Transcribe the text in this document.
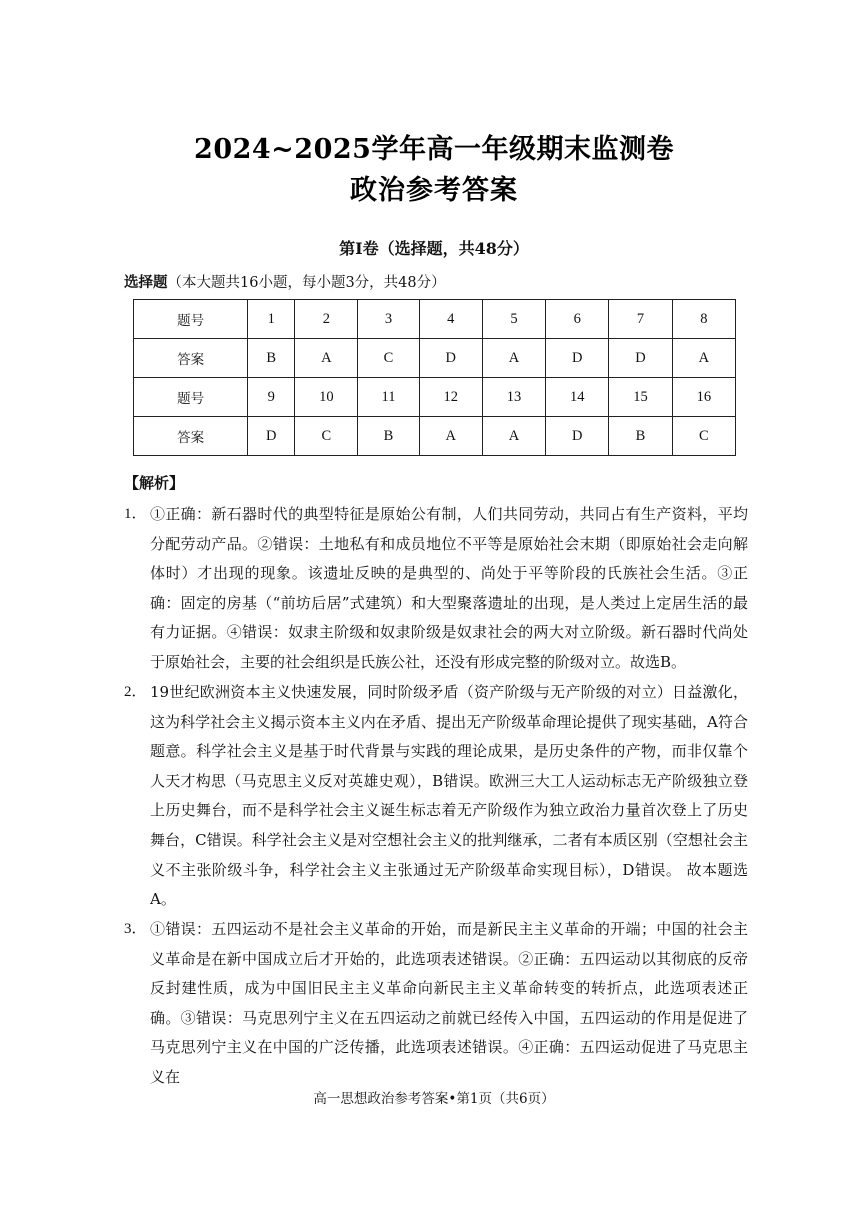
2024~2025学年高一年级期末监测卷
政治参考答案
第Ⅰ卷（选择题，共48分）
选择题（本大题共16小题，每小题3分，共48分）
题号	1	2	3	4	5	6	7	8
答案	B	A	C	D	A	D	D	A
题号	9	10	11	12	13	14	15	16
答案	D	C	B	A	A	D	B	C
【解析】
1． ①正确：新石器时代的典型特征是原始公有制，人们共同劳动，共同占有生产资料，平均分配劳动产品。②错误：土地私有和成员地位不平等是原始社会末期（即原始社会走向解体时）才出现的现象。该遗址反映的是典型的、尚处于平等阶段的氏族社会生活。③正确：固定的房基（“前坊后居”式建筑）和大型聚落遗址的出现，是人类过上定居生活的最有力证据。④错误：奴隶主阶级和奴隶阶级是奴隶社会的两大对立阶级。新石器时代尚处于原始社会，主要的社会组织是氏族公社，还没有形成完整的阶级对立。故选B。
2． 19世纪欧洲资本主义快速发展，同时阶级矛盾（资产阶级与无产阶级的对立）日益激化，这为科学社会主义揭示资本主义内在矛盾、提出无产阶级革命理论提供了现实基础，A符合题意。科学社会主义是基于时代背景与实践的理论成果，是历史条件的产物，而非仅靠个人天才构思（马克思主义反对英雄史观），B错误。欧洲三大工人运动标志无产阶级独立登上历史舞台，而不是科学社会主义诞生标志着无产阶级作为独立政治力量首次登上了历史舞台，C错误。科学社会主义是对空想社会主义的批判继承，二者有本质区别（空想社会主义不主张阶级斗争，科学社会主义主张通过无产阶级革命实现目标），D错误。 故本题选A。
3． ①错误：五四运动不是社会主义革命的开始，而是新民主主义革命的开端；中国的社会主义革命是在新中国成立后才开始的，此选项表述错误。②正确：五四运动以其彻底的反帝反封建性质，成为中国旧民主主义革命向新民主主义革命转变的转折点，此选项表述正确。③错误：马克思列宁主义在五四运动之前就已经传入中国，五四运动的作用是促进了马克思列宁主义在中国的广泛传播，此选项表述错误。④正确：五四运动促进了马克思主义在
高一思想政治参考答案•第1页（共6页）
